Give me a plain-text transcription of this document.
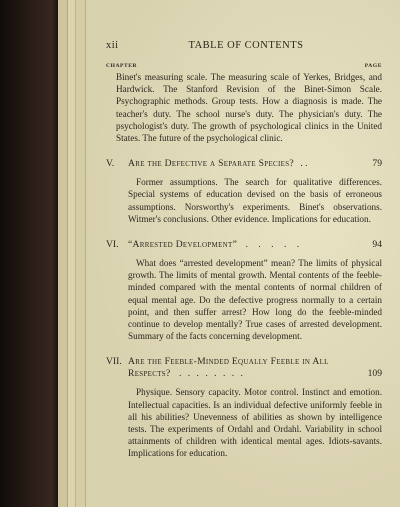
xii	TABLE OF CONTENTS
CHAPTER	PAGE

Binet's measuring scale. The measuring scale of Yerkes, Bridges, and Hardwick. The Stanford Revision of the Binet-Simon Scale. Psychographic methods. Group tests. How a diagnosis is made. The teacher's duty. The school nurse's duty. The physician's duty. The psychologist's duty. The growth of psychological clinics in the United States. The future of the psychological clinic.

V.	Are the Defective a Separate Species? . .	79

Former assumptions. The search for qualitative differences. Special systems of education devised on the basis of erroneous assumptions. Norsworthy's experiments. Binet's observations. Witmer's conclusions. Other evidence. Implications for education.

VI. “Arrested Development” . . . . .	94

What does “arrested development” mean? The limits of physical growth. The limits of mental growth. Mental contents of the feeble-minded compared with the mental contents of normal children of equal mental age. Do the defective progress normally to a certain point, and then suffer arrest? How long do the feeble-minded continue to develop mentally? True cases of arrested development. Summary of the facts concerning development.

VII. Are the Feeble-Minded Equally Feeble in All Respects? . . . . . . . .	109

Physique. Sensory capacity. Motor control. Instinct and emotion. Intellectual capacities. Is an individual defective uniformly feeble in all his abilities? Unevenness of abilities as shown by intelligence tests. The experiments of Ordahl and Ordahl. Variability in school attainments of children with identical mental ages. Idiots-savants. Implications for education.
